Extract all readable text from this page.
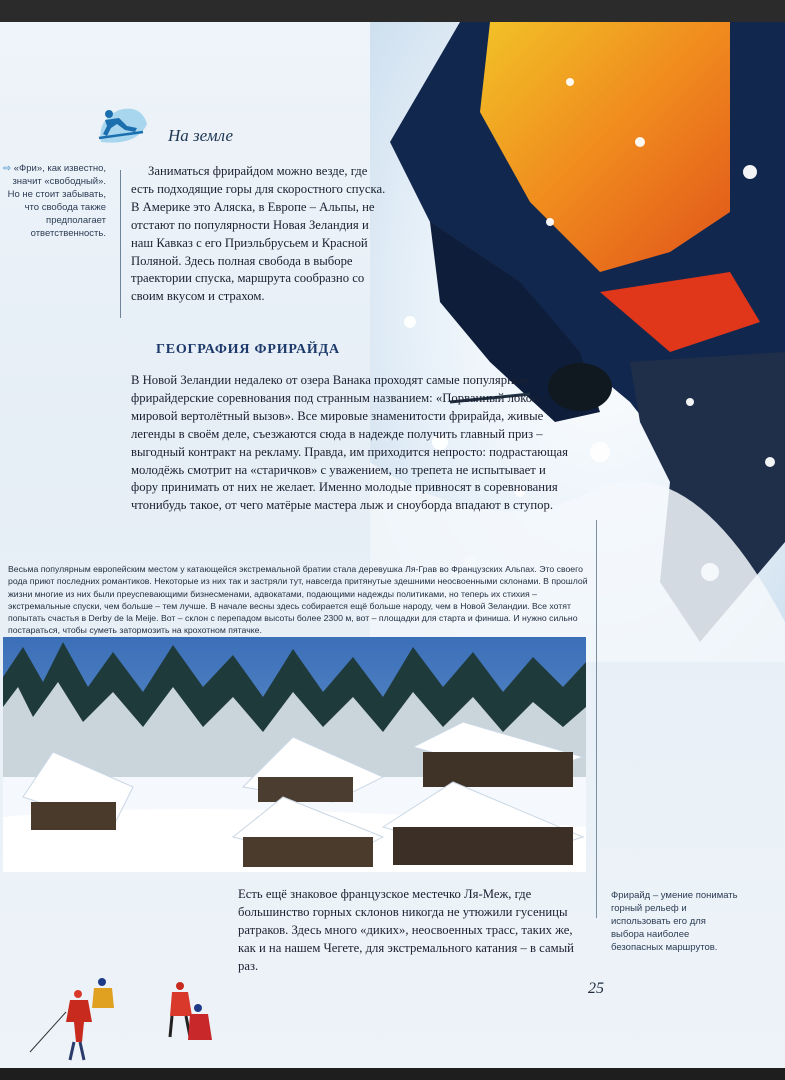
На земле
⇨ «Фри», как известно, значит «свободный». Но не стоит забывать, что свобода также предполагает ответственность.

Заниматься фрирайдом можно везде, где есть подходящие горы для скоростного спуска. В Америке это Аляска, в Европе – Альпы, не отстают по популярности Новая Зеландия и наш Кавказ с его Приэльбрусьем и Красной Поляной. Здесь полная свобода в выборе траектории спуска, маршрута сообразно со своим вкусом и страхом.

ГЕОГРАФИЯ ФРИРАЙДА

В Новой Зеландии недалеко от озера Ванака проходят самые популярные фрирайдерские соревнования под странным названием: «Порванный локон – мировой вертолётный вызов». Все мировые знаменитости фрирайда, живые легенды в своём деле, съезжаются сюда в надежде получить главный приз – выгодный контракт на рекламу. Правда, им приходится непросто: подрастающая молодёжь смотрит на «старичков» с уважением, но трепета не испытывает и фору принимать от них не желает. Именно молодые привносят в соревнования чтонибудь такое, от чего матёрые мастера лыж и сноуборда впадают в ступор.

Весьма популярным европейским местом у катающейся экстремальной братии стала деревушка Ля-Грав во Французских Альпах. Это своего рода приют последних романтиков. Некоторые из них так и застряли тут, навсегда притянутые здешними неосвоенными склонами. В прошлой жизни многие из них были преуспевающими бизнесменами, адвокатами, подающими надежды политиками, но теперь их стихия – экстремальные спуски, чем больше – тем лучше. В начале весны здесь собирается ещё больше народу, чем в Новой Зеландии. Все хотят попытать счастья в Derby de la Meije. Вот – склон с перепадом высоты более 2300 м, вот – площадки для старта и финиша. И нужно сильно постараться, чтобы суметь затормозить на крохотном пятачке.

Есть ещё знаковое французское местечко Ля-Меж, где большинство горных склонов никогда не утюжили гусеницы ратраков. Здесь много «диких», неосвоенных трасс, таких же, как и на нашем Чегете, для экстремального катания – в самый раз.

Фрирайд – умение понимать горный рельеф и использовать его для выбора наиболее безопасных маршрутов.
25
